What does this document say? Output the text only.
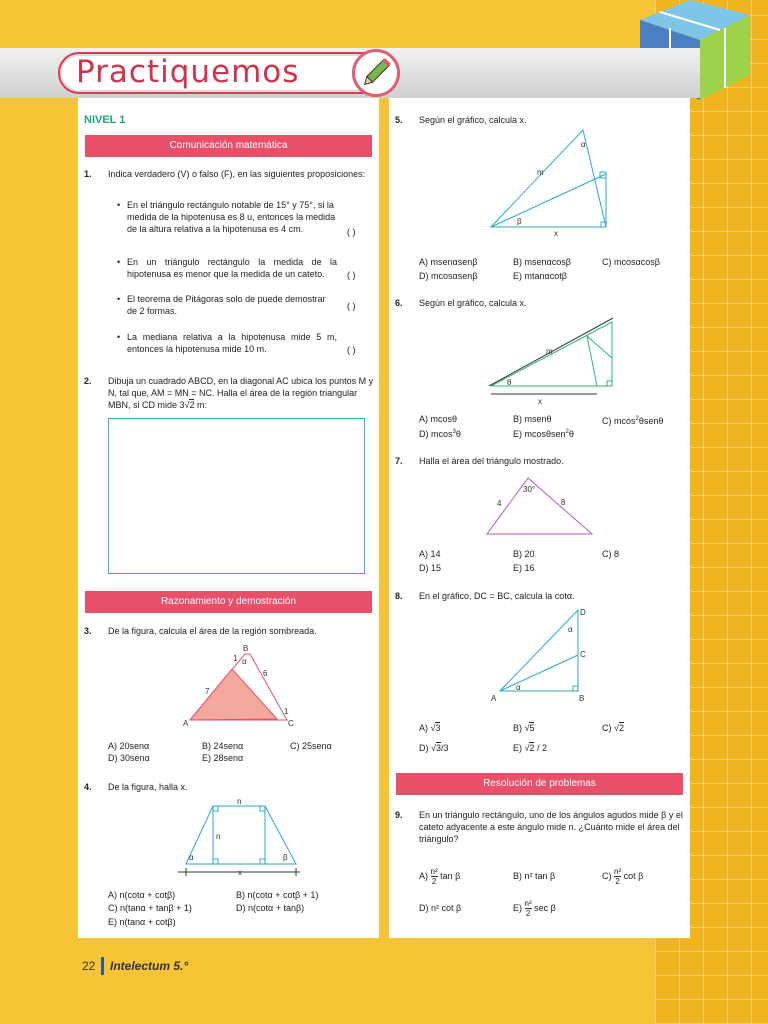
Practiquemos
NIVEL 1
Comunicación matemática
1. Indica verdadero (V) o falso (F), en las siguientes proposiciones:
• En el triángulo rectángulo notable de 15° y 75°, si la medida de la hipotenusa es 8 u, entonces la medida de la altura relativa a la hipotenusa es 4 cm.	( )
• En un triángulo rectángulo la medida de la hipotenusa es menor que la medida de un cateto.	( )
• El teorema de Pitágoras solo de puede demostrar de 2 formas.	( )
• La mediana relativa a la hipotenusa mide 5 m, entonces la hipotenusa mide 10 m.	( )
2. Dibuja un cuadrado ABCD, en la diagonal AC ubica los puntos M y N, tal que, AM = MN = NC. Halla el área de la región triangular MBN, si CD mide 3√2 m:
Razonamiento y demostración
3. De la figura, calcula el área de la región sombreada.
B
A	C
1 α
7
6
1
A) 20senα	B) 24senα	C) 25senα
D) 30senα	E) 28senα
4. De la figura, halla x.
n
n
α	β
x
A) n(cotα + cotβ)	B) n(cotα + cotβ + 1)
C) n(tanα + tanβ + 1)	D) n(cotα + tanβ)
E) n(tanα + cotβ)
5. Según el gráfico, calcula x.
m
α
β
x
A) msenαsenβ	B) msenαcosβ	C) mcosαcosβ
D) mcosαsenβ	E) mtanαcotβ
6. Según el gráfico, calcula x.
m
θ
x
A) mcosθ	B) msenθ	C) mcos$^2$θsenθ
D) mcos$^3$θ	E) mcosθsen$^2$θ
7. Halla el área del triángulo mostrado.
30°
4	8
A) 14	B) 20	C) 8
D) 15	E) 16
8. En el gráfico, DC = BC, calcula la cotα.
D
C
A	B
α
α
A) √3	B) √5	C) √2
D) √3/3	E) √2 / 2
Resolución de problemas
9. En un triángulo rectángulo, uno de los ángulos agudos mide β y el cateto adyacente a este ángulo mide n. ¿Cuánto mide el área del triángulo?
$A) \frac{\text{n²}}{2}$ tan β	B) n² tan β	$C) \frac{\text{n²}}{2}$ cot β
D) n² cot β	$E) \frac{\text{n²}}{2}$ sec β
22 Intelectum 5.°
